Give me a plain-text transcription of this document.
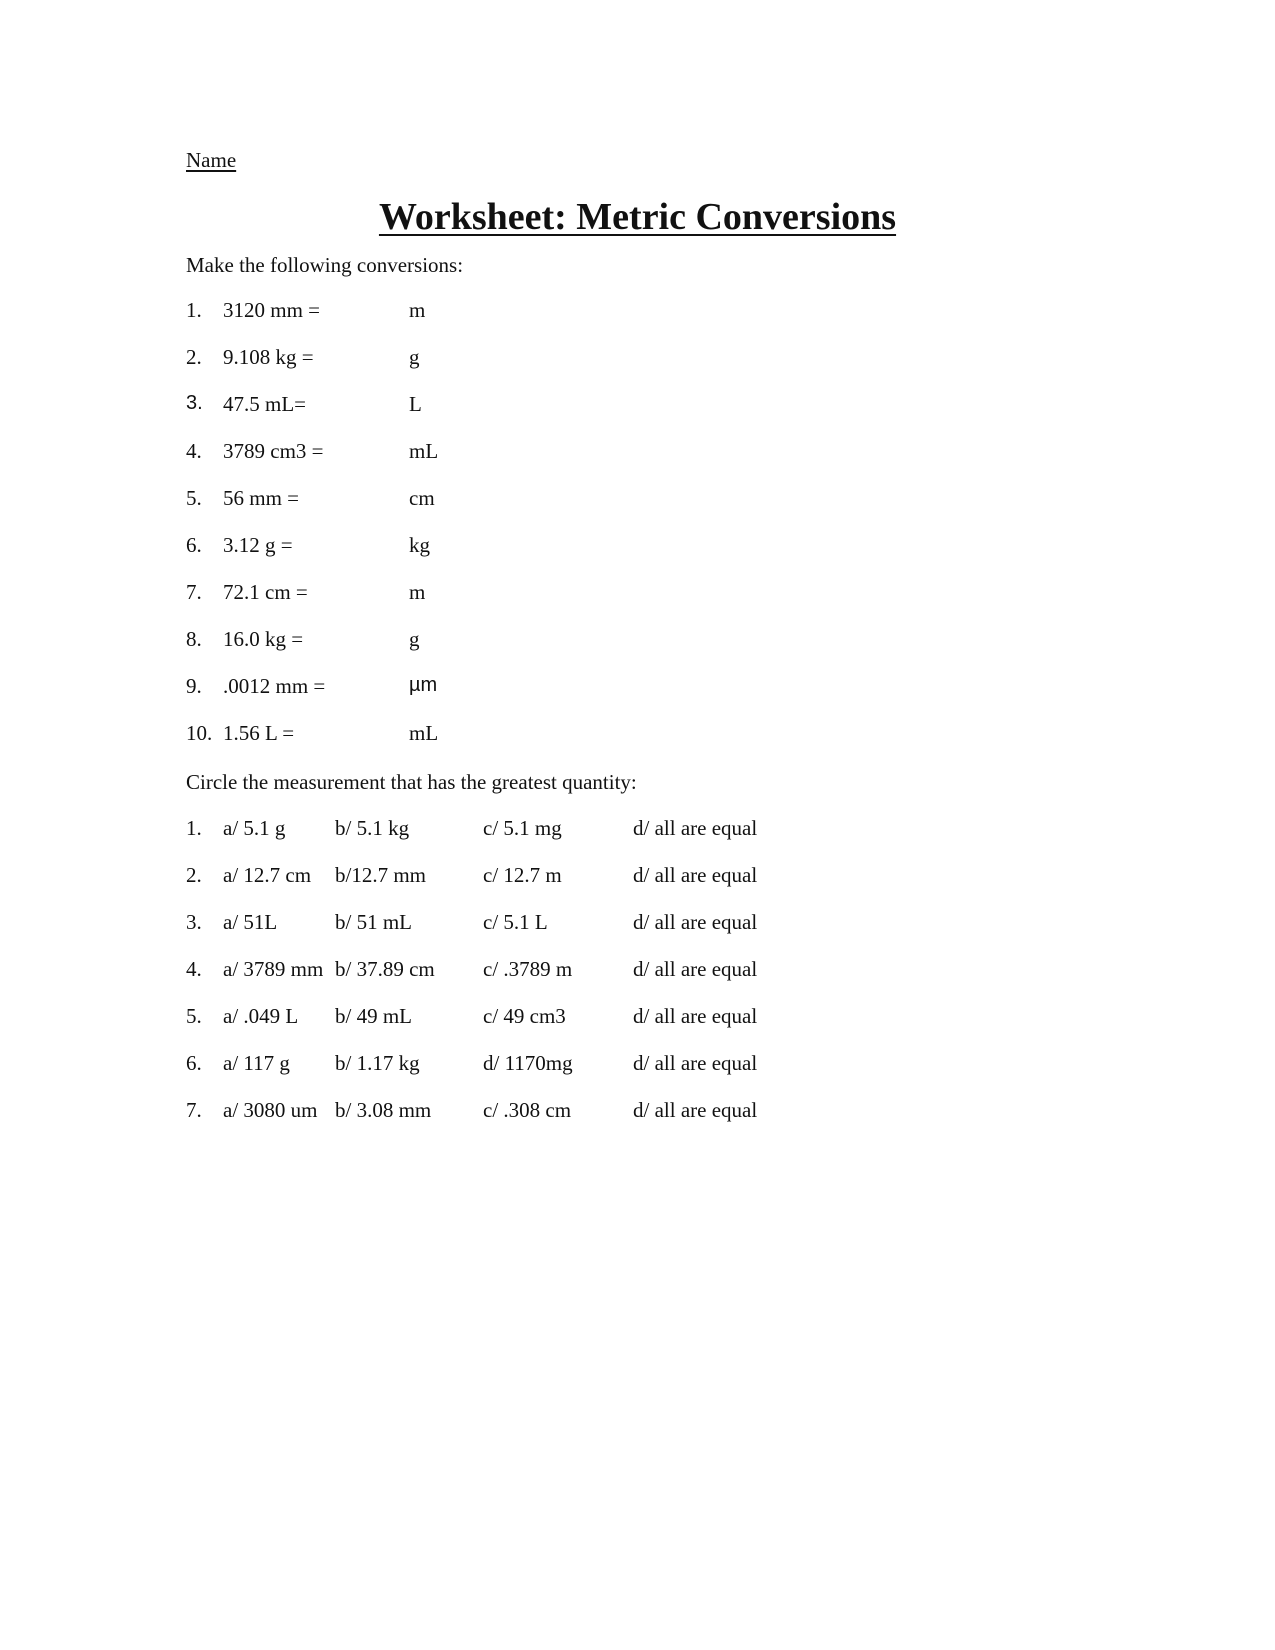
Name
Worksheet: Metric Conversions
Make the following conversions:
1. 3120 mm =	m
2. 9.108 kg =	g
3. 47.5 mL=	L
4. 3789 cm3 =	mL
5. 56 mm =	cm
6. 3.12 g =	kg
7. 72.1 cm =	m
8. 16.0 kg =	g
9. .0012 mm =	µm
10. 1.56 L =	mL
Circle the measurement that has the greatest quantity:
1. a/ 5.1 g b/ 5.1 kg	c/ 5.1 mg	d/ all are equal
2. a/ 12.7 cm b/12.7 mm	c/ 12.7 m	d/ all are equal
3. a/ 51L	b/ 51 mL	c/ 5.1 L	d/ all are equal
4. a/ 3789 mm b/ 37.89 cm c/ .3789 m	d/ all are equal
5. a/ .049 L b/ 49 mL	c/ 49 cm3	d/ all are equal
6. a/ 117 g b/ 1.17 kg	d/ 1170mg	d/ all are equal
7. a/ 3080 um b/ 3.08 mm c/ .308 cm	d/ all are equal
